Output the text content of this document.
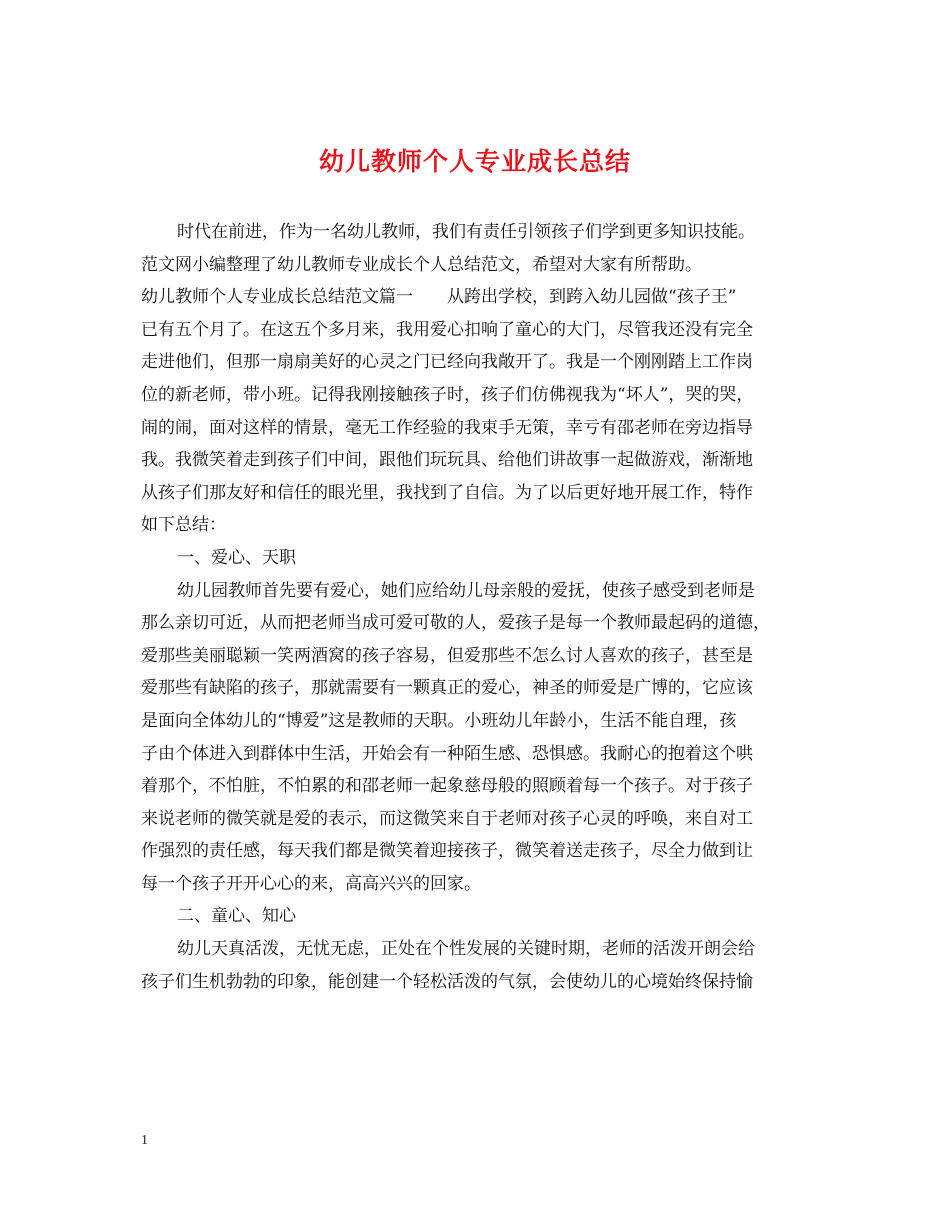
幼儿教师个人专业成长总结
时代在前进，作为一名幼儿教师，我们有责任引领孩子们学到更多知识技能。
范文网小编整理了幼儿教师专业成长个人总结范文，希望对大家有所帮助。
幼儿教师个人专业成长总结范文篇一　　从跨出学校，到跨入幼儿园做“孩子王”
已有五个月了。在这五个多月来，我用爱心扣响了童心的大门，尽管我还没有完全
走进他们，但那一扇扇美好的心灵之门已经向我敞开了。我是一个刚刚踏上工作岗
位的新老师，带小班。记得我刚接触孩子时，孩子们仿佛视我为“坏人”，哭的哭，
闹的闹，面对这样的情景，毫无工作经验的我束手无策，幸亏有邵老师在旁边指导
我。我微笑着走到孩子们中间，跟他们玩玩具、给他们讲故事一起做游戏，渐渐地
从孩子们那友好和信任的眼光里，我找到了自信。为了以后更好地开展工作，特作
如下总结：
一、爱心、天职
幼儿园教师首先要有爱心，她们应给幼儿母亲般的爱抚，使孩子感受到老师是
那么亲切可近，从而把老师当成可爱可敬的人，爱孩子是每一个教师最起码的道德，
爱那些美丽聪颖一笑两酒窝的孩子容易，但爱那些不怎么讨人喜欢的孩子，甚至是
爱那些有缺陷的孩子，那就需要有一颗真正的爱心，神圣的师爱是广博的，它应该
是面向全体幼儿的“博爱”这是教师的天职。小班幼儿年龄小，生活不能自理，孩
子由个体进入到群体中生活，开始会有一种陌生感、恐惧感。我耐心的抱着这个哄
着那个，不怕脏，不怕累的和邵老师一起象慈母般的照顾着每一个孩子。对于孩子
来说老师的微笑就是爱的表示，而这微笑来自于老师对孩子心灵的呼唤，来自对工
作强烈的责任感，每天我们都是微笑着迎接孩子，微笑着送走孩子，尽全力做到让
每一个孩子开开心心的来，高高兴兴的回家。
二、童心、知心
幼儿天真活泼，无忧无虑，正处在个性发展的关键时期，老师的活泼开朗会给
孩子们生机勃勃的印象，能创建一个轻松活泼的气氛，会使幼儿的心境始终保持愉
1
